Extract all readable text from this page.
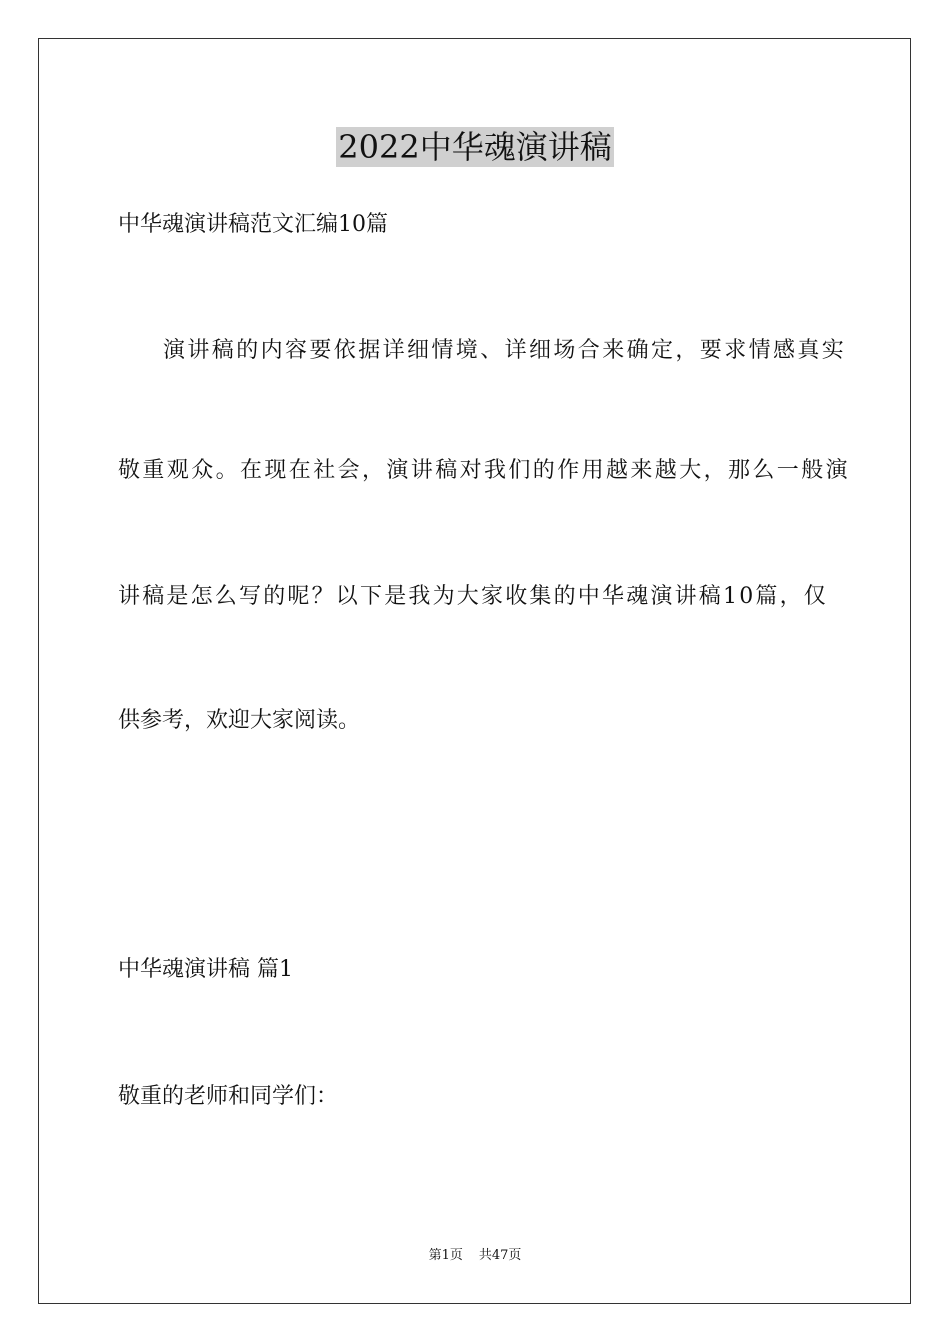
2022中华魂演讲稿
中华魂演讲稿范文汇编10篇
演讲稿的内容要依据详细情境、详细场合来确定，要求情感真实
敬重观众。在现在社会，演讲稿对我们的作用越来越大，那么一般演
讲稿是怎么写的呢？以下是我为大家收集的中华魂演讲稿10篇，仅
供参考，欢迎大家阅读。
中华魂演讲稿 篇1
敬重的老师和同学们：
第1页 共47页
